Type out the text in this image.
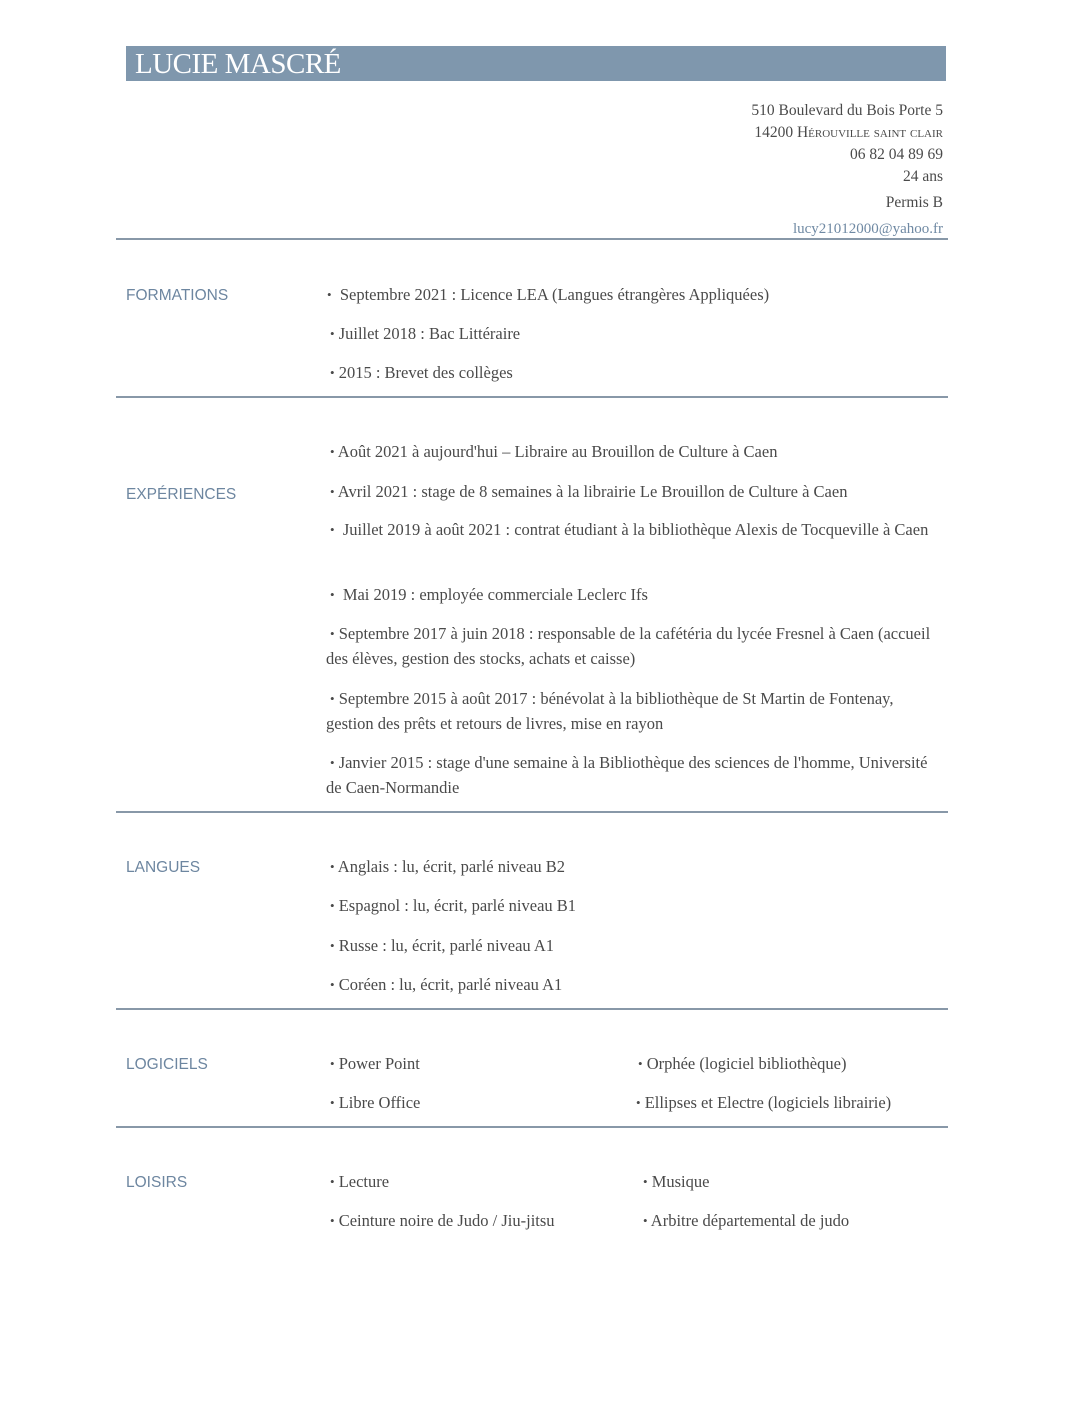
LUCIE MASCRÉ
510 Boulevard du Bois Porte 5
14200 Hérouville saint clair
06 82 04 89 69
24 ans
Permis B
lucy21012000@yahoo.fr
FORMATIONS	• Septembre 2021 : Licence LEA (Langues étrangères Appliquées)
• Juillet 2018 : Bac Littéraire
• 2015 : Brevet des collèges
EXPÉRIENCES
• Août 2021 à aujourd'hui – Libraire au Brouillon de Culture à Caen
• Avril 2021 : stage de 8 semaines à la librairie Le Brouillon de Culture à Caen
• Juillet 2019 à août 2021 : contrat étudiant à la bibliothèque Alexis de Tocqueville à Caen
• Mai 2019 : employée commerciale Leclerc Ifs
• Septembre 2017 à juin 2018 : responsable de la cafétéria du lycée Fresnel à Caen (accueil des élèves, gestion des stocks, achats et caisse)
• Septembre 2015 à août 2017 : bénévolat à la bibliothèque de St Martin de Fontenay, gestion des prêts et retours de livres, mise en rayon
• Janvier 2015 : stage d'une semaine à la Bibliothèque des sciences de l'homme, Université de Caen-Normandie
LANGUES	• Anglais : lu, écrit, parlé niveau B2
• Espagnol : lu, écrit, parlé niveau B1
• Russe : lu, écrit, parlé niveau A1
• Coréen : lu, écrit, parlé niveau A1
LOGICIELS	• Power Point	• Orphée (logiciel bibliothèque)
• Libre Office	• Ellipses et Electre (logiciels librairie)
LOISIRS	• Lecture	• Musique
• Ceinture noire de Judo / Jiu-jitsu	• Arbitre départemental de judo
